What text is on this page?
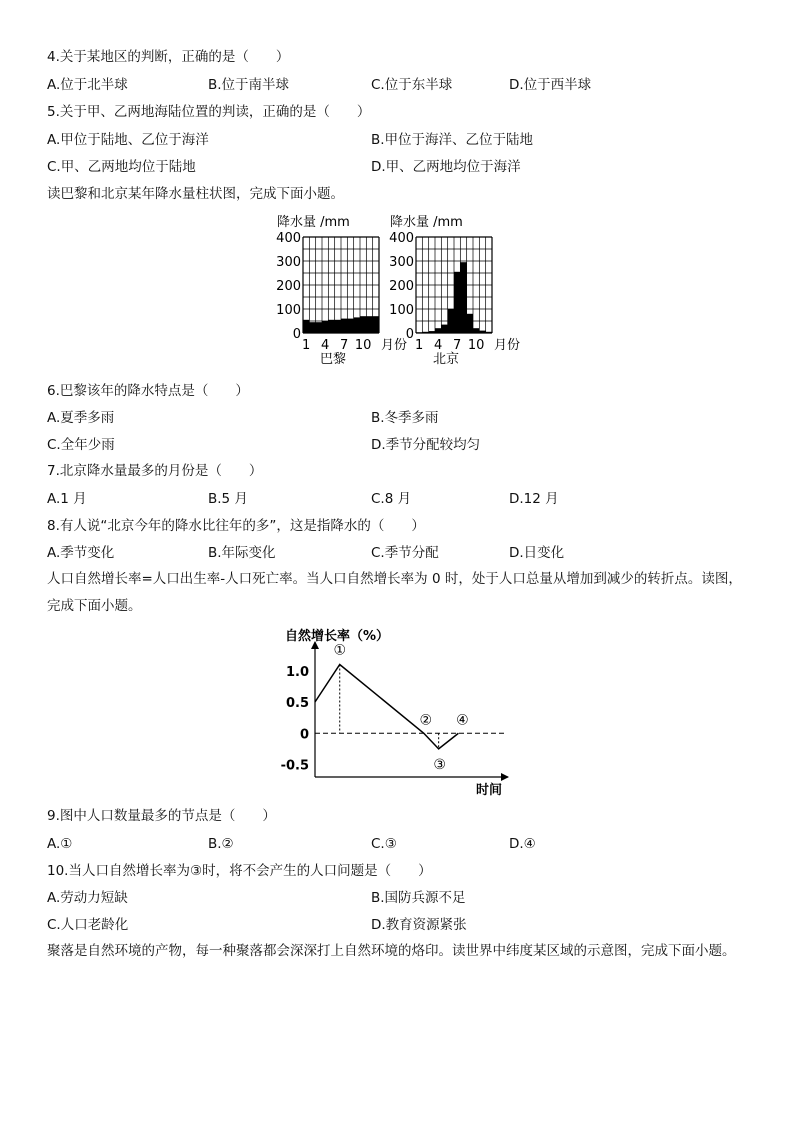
4.关于某地区的判断，正确的是（　　）
A.位于北半球	B.位于南半球	C.位于东半球	D.位于西半球
5.关于甲、乙两地海陆位置的判读，正确的是（　　）
A.甲位于陆地、乙位于海洋	B.甲位于海洋、乙位于陆地
C.甲、乙两地均位于陆地	D.甲、乙两地均位于海洋
读巴黎和北京某年降水量柱状图，完成下面小题。
400
300
200
100
0
降水量 /mm
1 4 7 10 月份
巴黎
400
300
200
100
0
降水量 /mm
1 4 7 10 月份
北京
6.巴黎该年的降水特点是（　　）
A.夏季多雨	B.冬季多雨
C.全年少雨	D.季节分配较均匀
7.北京降水量最多的月份是（　　）
A.1 月	B.5 月	C.8 月	D.12 月
8.有人说“北京今年的降水比往年的多”，这是指降水的（　　）
A.季节变化	B.年际变化	C.季节分配	D.日变化
人口自然增长率=人口出生率-人口死亡率。当人口自然增长率为 0 时，处于人口总量从增加到减少的转折点。读图，完成下面小题。
自然增长率（%）
时间
1.0
0.5
0
-0.5
①
②
③
④
9.图中人口数量最多的节点是（　　）
A.①	B.②	C.③	D.④
10.当人口自然增长率为③时，将不会产生的人口问题是（　　）
A.劳动力短缺	B.国防兵源不足
C.人口老龄化	D.教育资源紧张
聚落是自然环境的产物，每一种聚落都会深深打上自然环境的烙印。读世界中纬度某区域的示意图，完成下面小题。
